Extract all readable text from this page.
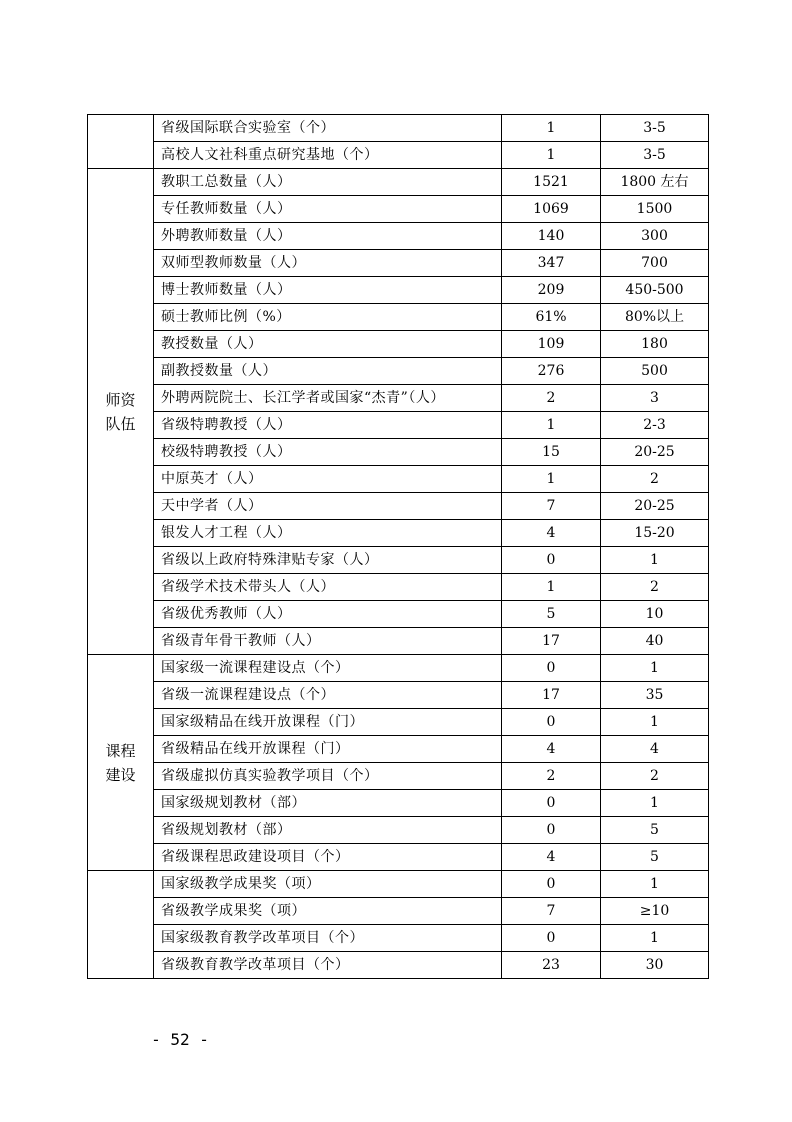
	省级国际联合实验室（个）	1	3-5
	高校人文社科重点研究基地（个）	1	3-5

师资
队伍	教职工总数量（人）	1521	1800 左右
	专任教师数量（人）	1069	1500
	外聘教师数量（人）	140	300
	双师型教师数量（人）	347	700
	博士教师数量（人）	209	450-500
	硕士教师比例（%）	61%	80%以上
	教授数量（人）	109	180
	副教授数量（人）	276	500
	外聘两院院士、长江学者或国家“杰青”（人）	2	3
	省级特聘教授（人）	1	2-3
	校级特聘教授（人）	15	20-25
	中原英才（人）	1	2
	天中学者（人）	7	20-25
	银发人才工程（人）	4	15-20
	省级以上政府特殊津贴专家（人）	0	1
	省级学术技术带头人（人）	1	2
	省级优秀教师（人）	5	10
	省级青年骨干教师（人）	17	40

课程
建设	国家级一流课程建设点（个）	0	1
	省级一流课程建设点（个）	17	35
	国家级精品在线开放课程（门）	0	1
	省级精品在线开放课程（门）	4	4
	省级虚拟仿真实验教学项目（个）	2	2
	国家级规划教材（部）	0	1
	省级规划教材（部）	0	5
	省级课程思政建设项目（个）	4	5
	国家级教学成果奖（项）	0	1
	省级教学成果奖（项）	7	≥10
	国家级教育教学改革项目（个）	0	1
	省级教育教学改革项目（个）	23	30
- 52 -
